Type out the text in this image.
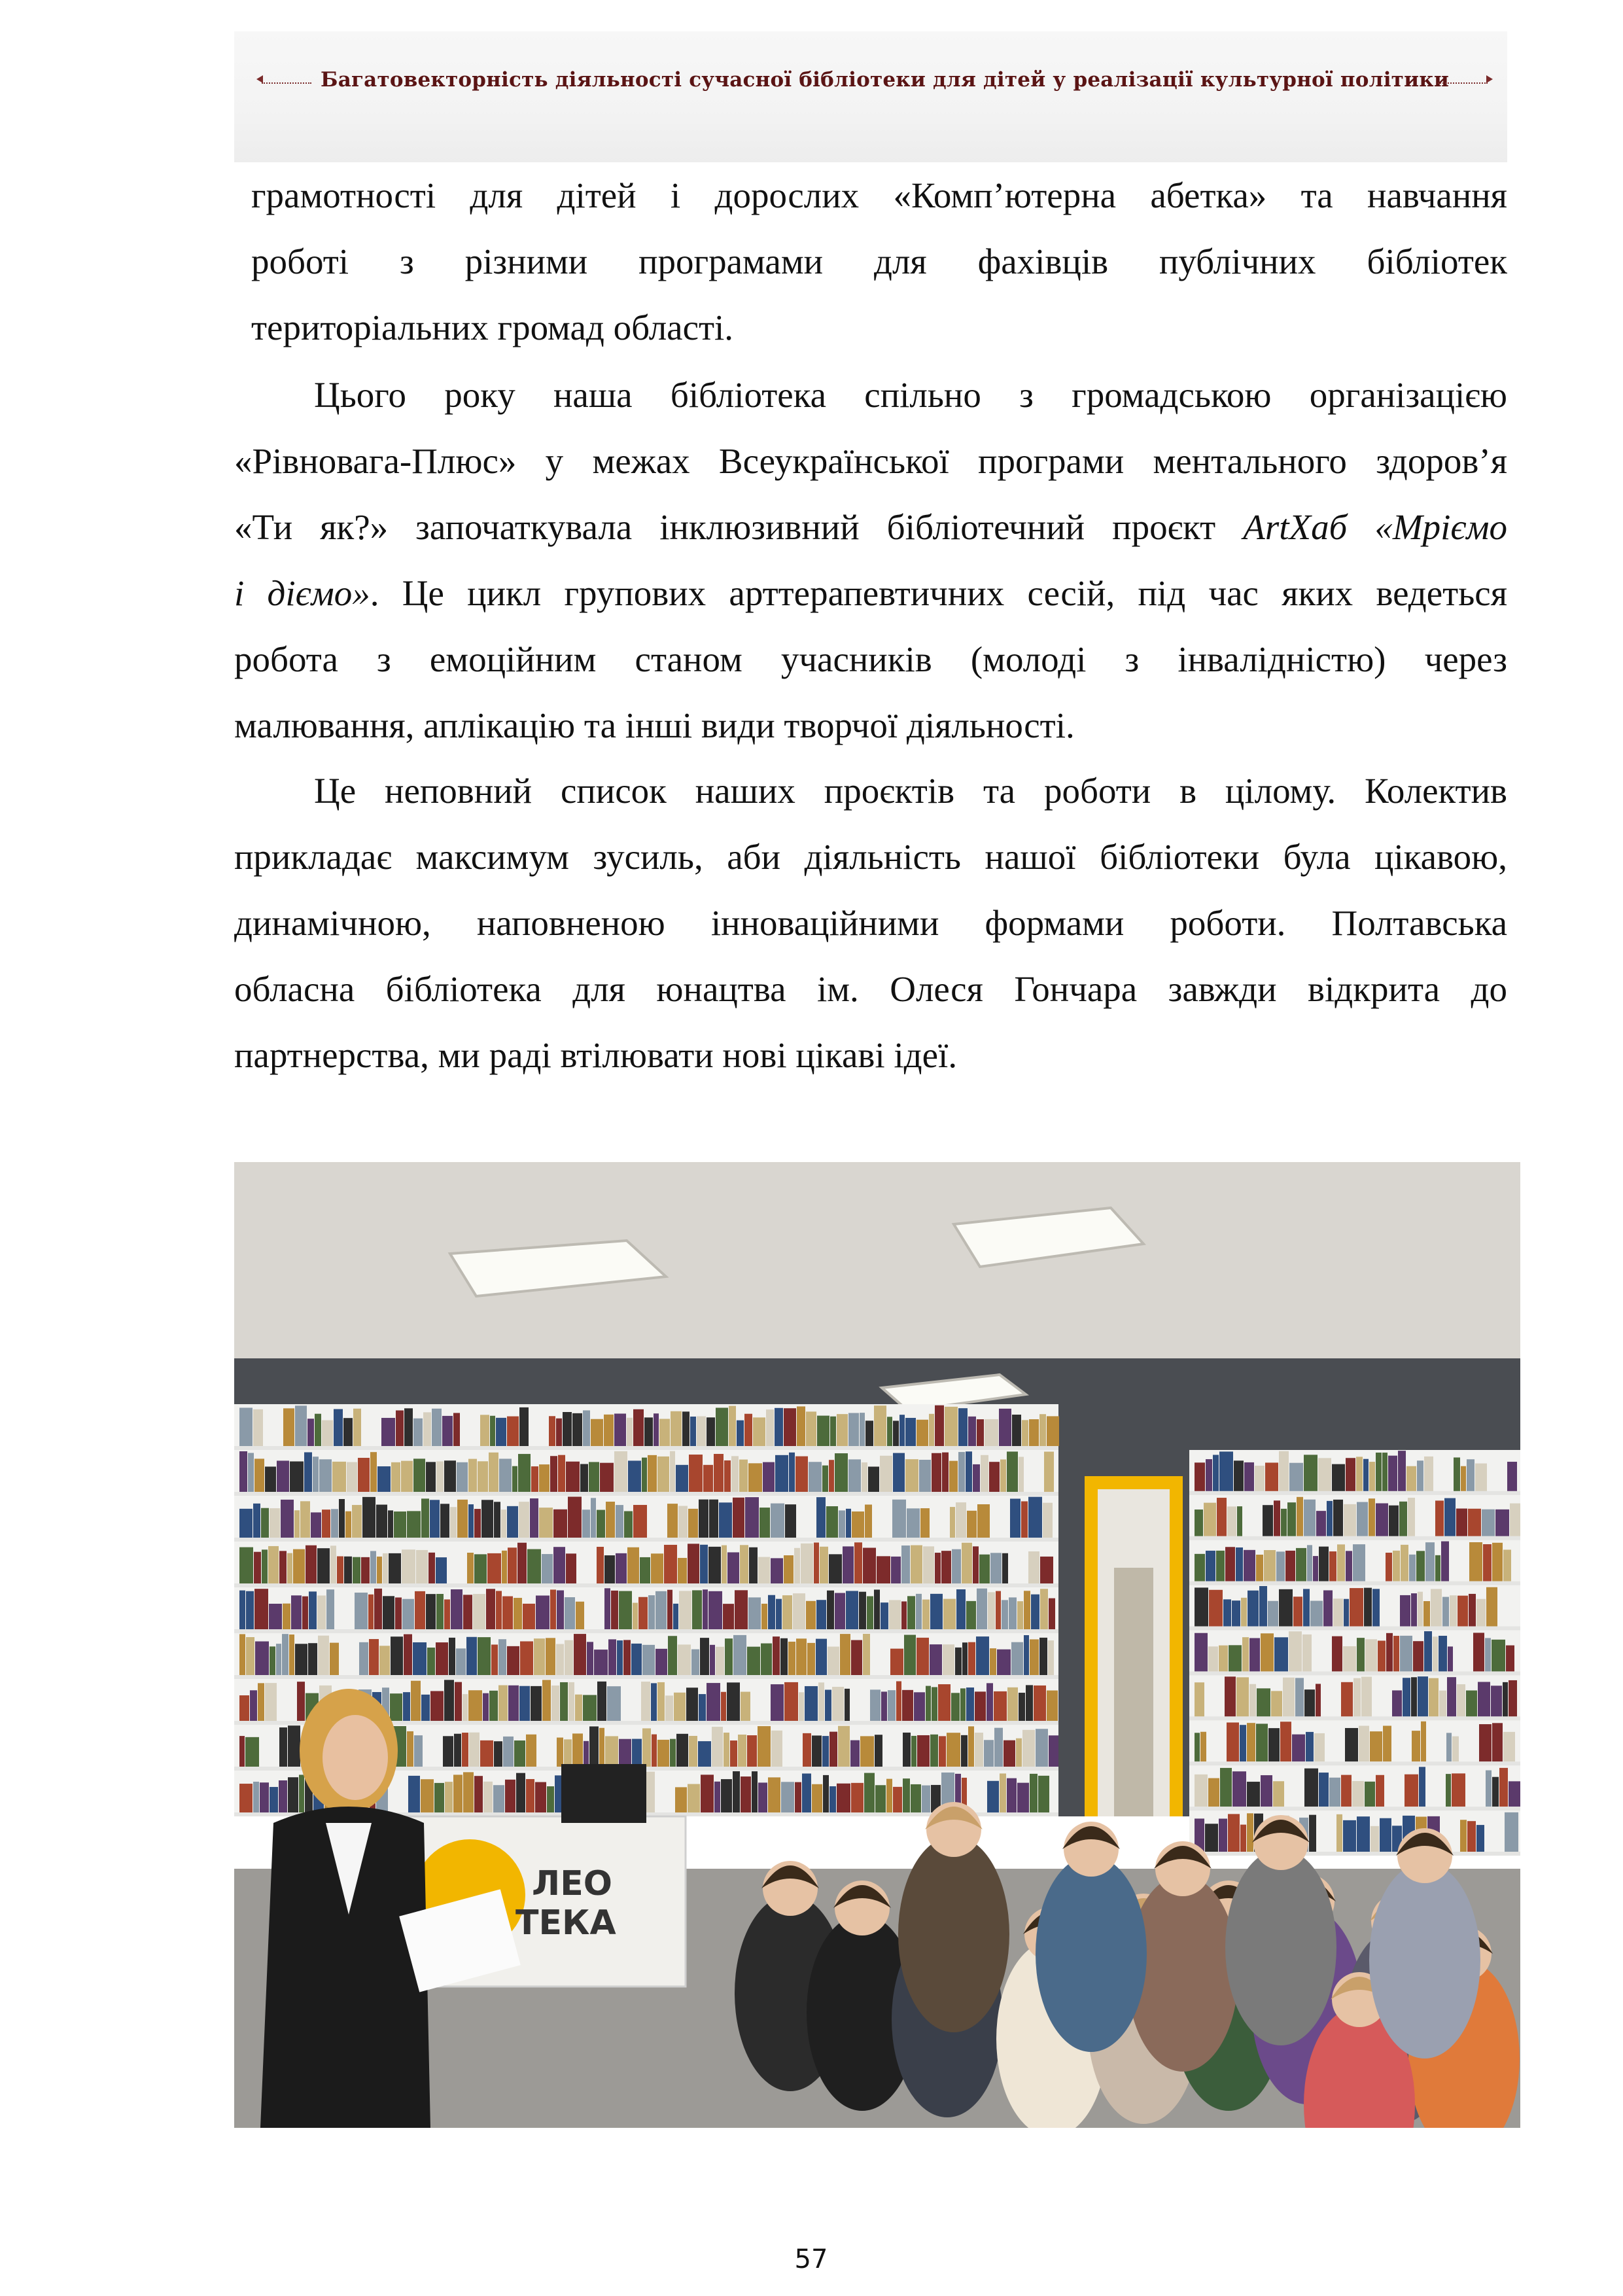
Багатовекторність діяльності сучасної бібліотеки для дітей у реалізації культурної політики
грамотності для дітей і дорослих «Комп’ютерна абетка» та навчання
роботі з різними програмами для фахівців публічних бібліотек
територіальних громад області.
Цього року наша бібліотека спільно з громадською організацією
«Рівновага-Плюс» у межах Всеукраїнської програми ментального здоров’я
«Ти як?» започаткувала інклюзивний бібліотечний проєкт ArtХаб «Мріємо
і діємо». Це цикл групових арттерапевтичних сесій, під час яких ведеться
робота з емоційним станом учасників (молоді з інвалідністю) через
малювання, аплікацію та інші види творчої діяльності.
Це неповний список наших проєктів та роботи в цілому. Колектив
прикладає максимум зусиль, аби діяльність нашої бібліотеки була цікавою,
динамічною, наповненою інноваційними формами роботи. Полтавська
обласна бібліотека для юнацтва ім. Олеся Гончара завжди відкрита до
партнерства, ми раді втілювати нові цікаві ідеї.
ЛЕО
ТЕКА
57
